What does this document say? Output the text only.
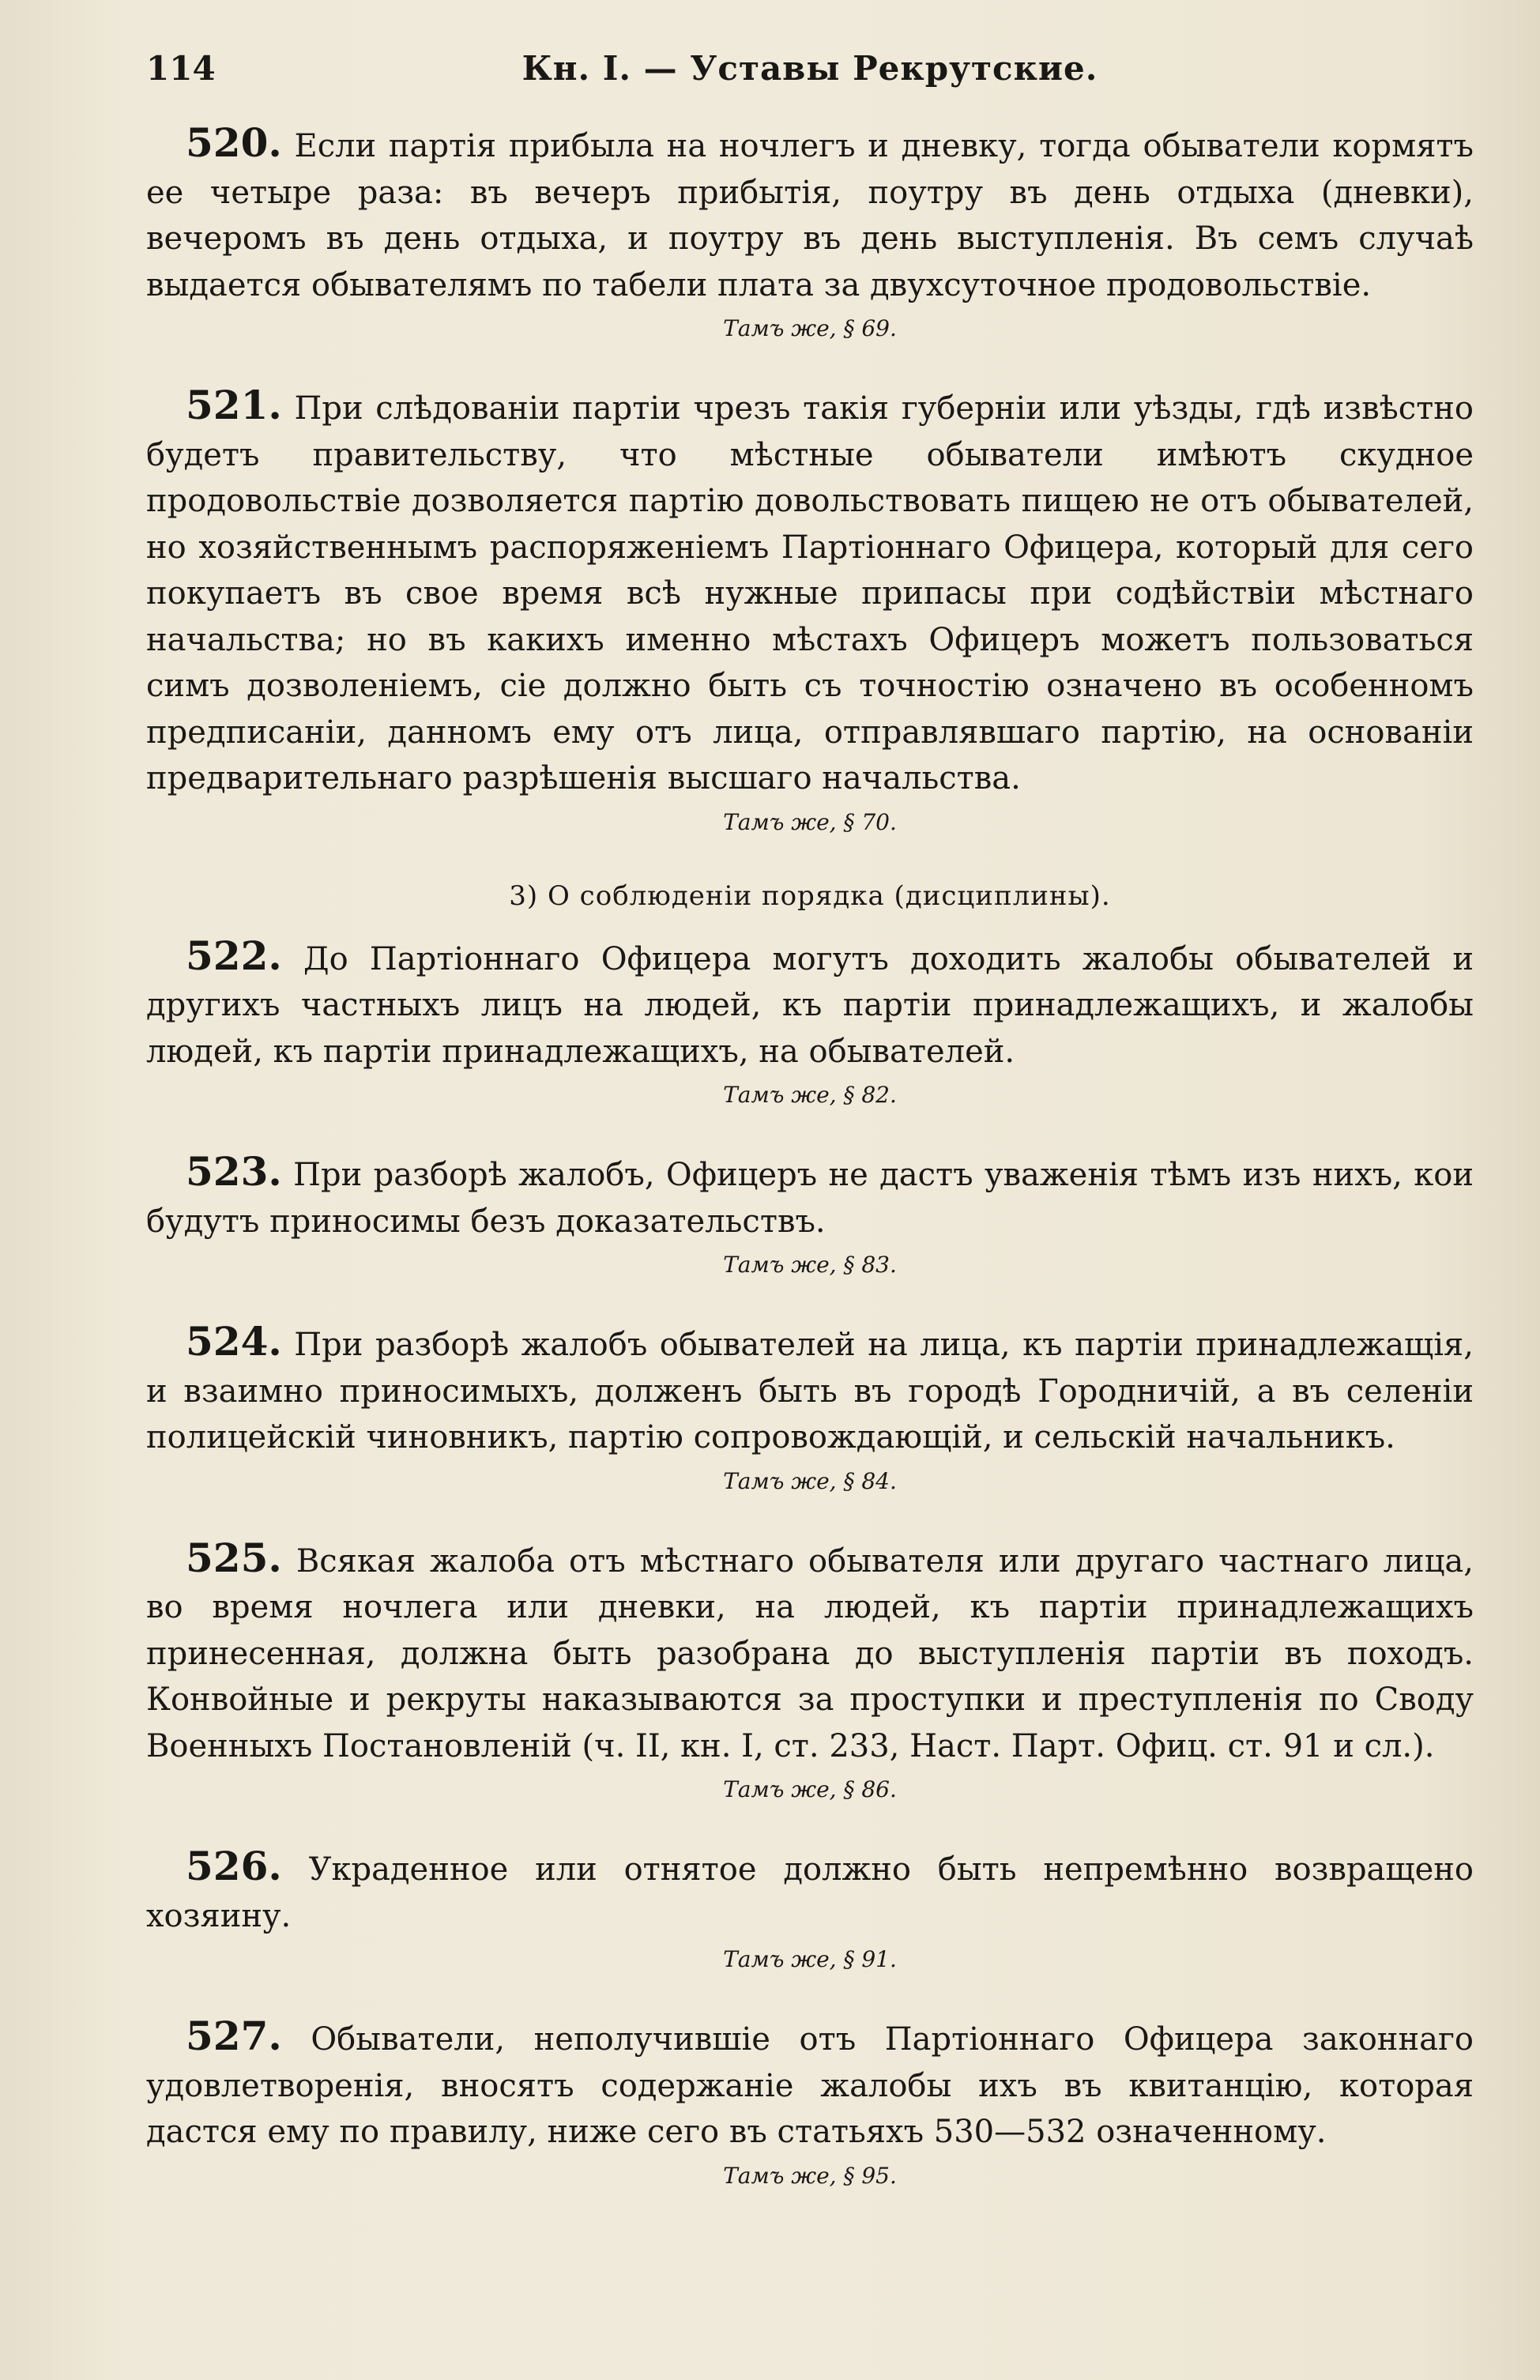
114	Кн. I. — Уставы Рекрутские.

520. Если партія прибыла на ночлегъ и дневку, тогда обыватели кормятъ ее четыре раза: въ вечеръ прибытія, поутру въ день отдыха (дневки), вечеромъ въ день отдыха, и поутру въ день выступленія. Въ семъ случаѣ выдается обывателямъ по табели плата за двухсуточное продовольствіе.

Тамъ же, § 69.

521. При слѣдованіи партіи чрезъ такія губерніи или уѣзды, гдѣ извѣстно будетъ правительству, что мѣстные обыватели имѣютъ скудное продовольствіе дозволяется партію довольствовать пищею не отъ обывателей, но хозяйственнымъ распоряженіемъ Партіоннаго Офицера, который для сего покупаетъ въ свое время всѣ нужные припасы при содѣйствіи мѣстнаго начальства; но въ какихъ именно мѣстахъ Офицеръ можетъ пользоваться симъ дозволеніемъ, сіе должно быть съ точностію означено въ особенномъ предписаніи, данномъ ему отъ лица, отправлявшаго партію, на основаніи предварительнаго разрѣшенія высшаго начальства.

Тамъ же, § 70.
3) О соблюденіи порядка (дисциплины).

522. До Партіоннаго Офицера могутъ доходить жалобы обывателей и другихъ частныхъ лицъ на людей, къ партіи принадлежащихъ, и жалобы людей, къ партіи принадлежащихъ, на обывателей.

Тамъ же, § 82.

523. При разборѣ жалобъ, Офицеръ не дастъ уваженія тѣмъ изъ нихъ, кои будутъ приносимы безъ доказательствъ.

Тамъ же, § 83.

524. При разборѣ жалобъ обывателей на лица, къ партіи принадлежащія, и взаимно приносимыхъ, долженъ быть въ городѣ Городничій, а въ селеніи полицейскій чиновникъ, партію сопровождающій, и сельскій начальникъ.

Тамъ же, § 84.

525. Всякая жалоба отъ мѣстнаго обывателя или другаго частнаго лица, во время ночлега или дневки, на людей, къ партіи принадлежащихъ принесенная, должна быть разобрана до выступленія партіи въ походъ. Конвойные и рекруты наказываются за проступки и преступленія по Своду Военныхъ Постановленій (ч. II, кн. I, ст. 233, Наст. Парт. Офиц. ст. 91 и сл.).

Тамъ же, § 86.

526. Украденное или отнятое должно быть непремѣнно возвращено хозяину.

Тамъ же, § 91.

527. Обыватели, неполучившіе отъ Партіоннаго Офицера законнаго удовлетворенія, вносятъ содержаніе жалобы ихъ въ квитанцію, которая дастся ему по правилу, ниже сего въ статьяхъ 530—532 означенному.

Тамъ же, § 95.
